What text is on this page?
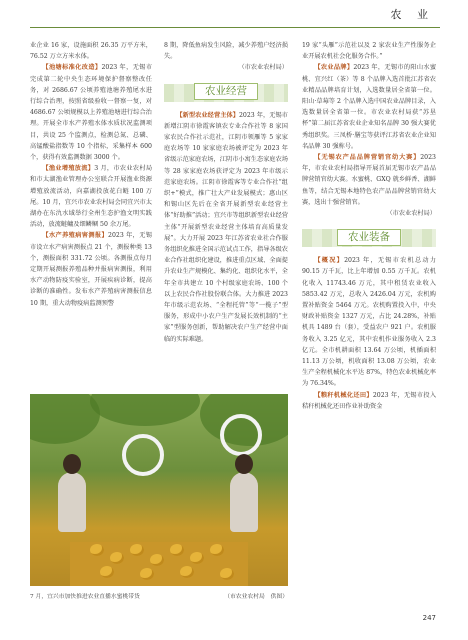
农 业

业企业 16 家，设施面积 26.35 万平方米，76.52 万立方米水体。

【池塘标准化改造】2023 年，无锡市完成第二轮中央生态环境保护督察整改任务，对 2686.67 公顷养殖池塘养殖尾水进行综合治理，按照省级验收一督察一复，对 4686.67 公顷规模以上养殖池塘进行综合治理。开展全市水产养殖水体水质状况监测项目，共设 25 个监测点，检测总氮、总磷、高锰酸盐指数等 10 个指标，采集样本 600 个，获得有效监测数据 3000 个。

【渔业增殖放流】3 月，市农业农村局和市太湖渔业管理办公室联合开展渔业资源增殖放流活动，向嘉湖投放花白鲢 100 万尾。10 月，宜兴市农业农村局会同宜兴市太湖办在东氿水域举行全州生态护渔文明实践活动，放流鲢鳙及细鳞鲴 50 余万尾。

【水产养殖病害测报】2023 年，无锡市设立水产病害测报点 21 个，测报种类 13 个，测报面积 331.72 公顷。各测报点每月定期开展测报养殖品种并报病害测报，利用水产动物防疫实验室，开展疾病诊断，提高诊断的准确性。发布水产养殖病害测报信息 10 期，重大动物疫病监测预警

8 期，降低鱼病发生风险，减少养殖户经济损失。

（市农业农村局）

农业经营

【新型农业经营主体】2023 年，无锡市新增江阴市徐霞客镇农专业合作社等 8 家国家农民合作社示范社，江阴市领雁等 5 家家庭农场等 10 家家庭农场被评定为 2023 年省级示范家庭农场，江阴市小寓生态家庭农场等 28 家家庭农场获评定为 2023 年市级示范家庭农场。江阴市徐霞客等专业合作社“组织+”模式，推广壮大产业发展模式；惠山区和锡山区先后在全省开展新型农业经营主体“好助推”活动；宜兴市等组织新型农业经营主体“开展新型农业经营主体培育高质量发展”。大力开展 2023 年江苏省农业社合作服务组织化推进全国示范试点工作，指导各级农业合作社组织化建设，推进重点区域、全面提升农业生产规模化、集约化、组织化水平，全年全市共建立 10 个村级家庭农场、100 个以上农民合作社股份联合体。大力推进 2023 年市级示范农场、“全程托管”等“一揽子”型服务，形成中小农户生产发展长效机制的“主家”型服务创新，帮助解决农户生产经营中面临的实际难题。

19 家“头雁”示范社以及 2 家农业生产性服务企业开展农机社会化服务合作。”

【农业品牌】2023 年，无锡市的阳山水蜜桃、宜兴红（茶）等 8 个品牌入选首批江苏省农业精品品牌培育计划，入选数量居全省第一位。阳山·草莓等 2 个品牌入选中国农业品牌目录，入选数量居全省第一位。市农业农村局获“苏垦杯”第二届江苏省农业企业知名品牌 30 强大赛优秀组织奖。三凤桥·膳宝等获评江苏省农业企业知名品牌 30 强称号。

【无锡农产品品牌营销官幼大赛】2023 年，市农业农村局指导开展首届无锡市农产品品牌营销官幼大赛。水蜜桃、GXQ 就乡鲜香、湖鲜鱼等，结合无锡本地特色农产品品牌营销官幼大赛，选出十强营销官。

（市农业农村局）

农业装备

【概况】2023 年，无锡市农机总动力 90.15 万千瓦，比上年增加 0.55 万千瓦。农机化收入 11743.46 万元，其中租赁农业收入 5853.42 万元，总收入 2426.04 万元，农机购置补贴资金 5464 万元。农机购置投入中，中央财政补贴资金 1327 万元，占比 24.28%，补贴机具 1489 台（套），受益农户 921 户。农机服务收入 3.25 亿元，其中农机作业服务收入 2.3 亿元。全市机耕面积 13.64 万公顷，机插面积 11.13 万公顷，机收面积 13.08 万公顷，农业生产全程机械化水平达 87%，特色农业机械化率为 76.34%。

【粮秆机械化还田】2023 年，无锡市投入秸秆机械化还田作业补助资金

7 月，宜兴市加快推进农业直播水蜜桃带货	（市农业农村局　供图）
247
